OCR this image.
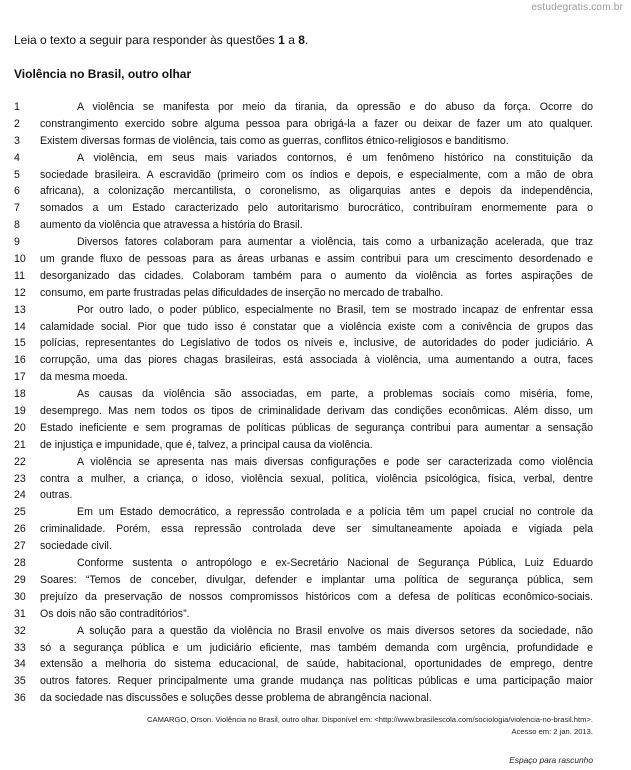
estudegratis.com.br
Leia o texto a seguir para responder às questões 1 a 8.
Violência no Brasil, outro olhar
1	A violência se manifesta por meio da tirania, da opressão e do abuso da força. Ocorre do
2	constrangimento exercido sobre alguma pessoa para obrigá-la a fazer ou deixar de fazer um ato qualquer.
3	Existem diversas formas de violência, tais como as guerras, conflitos étnico-religiosos e banditismo.
4	A violência, em seus mais variados contornos, é um fenômeno histórico na constituição da
5	sociedade brasileira. A escravidão (primeiro com os índios e depois, e especialmente, com a mão de obra
6	africana), a colonização mercantilista, o coronelismo, as oligarquias antes e depois da independência,
7	somados a um Estado caracterizado pelo autoritarismo burocrático, contribuíram enormemente para o
8	aumento da violência que atravessa a história do Brasil.
9	Diversos fatores colaboram para aumentar a violência, tais como a urbanização acelerada, que traz
10	um grande fluxo de pessoas para as áreas urbanas e assim contribui para um crescimento desordenado e
11	desorganizado das cidades. Colaboram também para o aumento da violência as fortes aspirações de
12	consumo, em parte frustradas pelas dificuldades de inserção no mercado de trabalho.
13	Por outro lado, o poder público, especialmente no Brasil, tem se mostrado incapaz de enfrentar essa
14	calamidade social. Pior que tudo isso é constatar que a violência existe com a conivência de grupos das
15	polícias, representantes do Legislativo de todos os níveis e, inclusive, de autoridades do poder judiciário. A
16	corrupção, uma das piores chagas brasileiras, está associada à violência, uma aumentando a outra, faces
17	da mesma moeda.
18	As causas da violência são associadas, em parte, a problemas sociais como miséria, fome,
19	desemprego. Mas nem todos os tipos de criminalidade derivam das condições econômicas. Além disso, um
20	Estado ineficiente e sem programas de políticas públicas de segurança contribui para aumentar a sensação
21	de injustiça e impunidade, que é, talvez, a principal causa da violência.
22	A violência se apresenta nas mais diversas configurações e pode ser caracterizada como violência
23	contra a mulher, a criança, o idoso, violência sexual, política, violência psicológica, física, verbal, dentre
24	outras.
25	Em um Estado democrático, a repressão controlada e a polícia têm um papel crucial no controle da
26	criminalidade. Porém, essa repressão controlada deve ser simultaneamente apoiada e vigiada pela
27	sociedade civil.
28	Conforme sustenta o antropólogo e ex-Secretário Nacional de Segurança Pública, Luiz Eduardo
29	Soares: “Temos de conceber, divulgar, defender e implantar uma política de segurança pública, sem
30	prejuízo da preservação de nossos compromissos históricos com a defesa de políticas econômico-sociais.
31	Os dois não são contraditórios”.
32	A solução para a questão da violência no Brasil envolve os mais diversos setores da sociedade, não
33	só a segurança pública e um judiciário eficiente, mas também demanda com urgência, profundidade e
34	extensão a melhoria do sistema educacional, de saúde, habitacional, oportunidades de emprego, dentre
35	outros fatores. Requer principalmente uma grande mudança nas políticas públicas e uma participação maior
36	da sociedade nas discussões e soluções desse problema de abrangência nacional.
CAMARGO, Orson. Violência no Brasil, outro olhar. Disponível em: <http://www.brasilescola.com/sociologia/violencia-no-brasil.htm>.
Acesso em: 2 jan. 2013.
Espaço para rascunho
